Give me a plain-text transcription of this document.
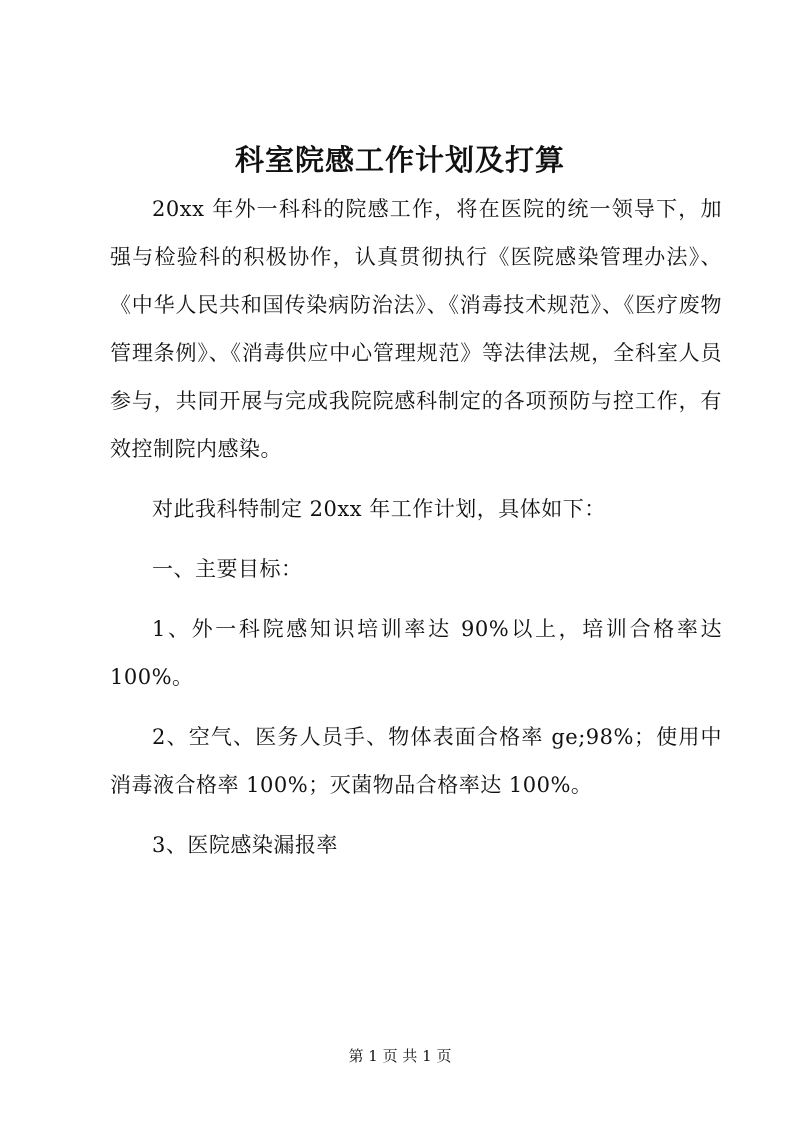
科室院感工作计划及打算

20xx 年外一科科的院感工作，将在医院的统一领导下，加强与检验科的积极协作，认真贯彻执行《医院感染管理办法》、《中华人民共和国传染病防治法》、《消毒技术规范》、《医疗废物管理条例》、《消毒供应中心管理规范》等法律法规，全科室人员参与，共同开展与完成我院院感科制定的各项预防与控工作，有效控制院内感染。

对此我科特制定 20xx 年工作计划，具体如下：

一、主要目标：

1、外一科院感知识培训率达 90%以上，培训合格率达 100%。

2、空气、医务人员手、物体表面合格率 ge;98%；使用中消毒液合格率 100%；灭菌物品合格率达 100%。

3、医院感染漏报率

第 1 页 共 1 页
